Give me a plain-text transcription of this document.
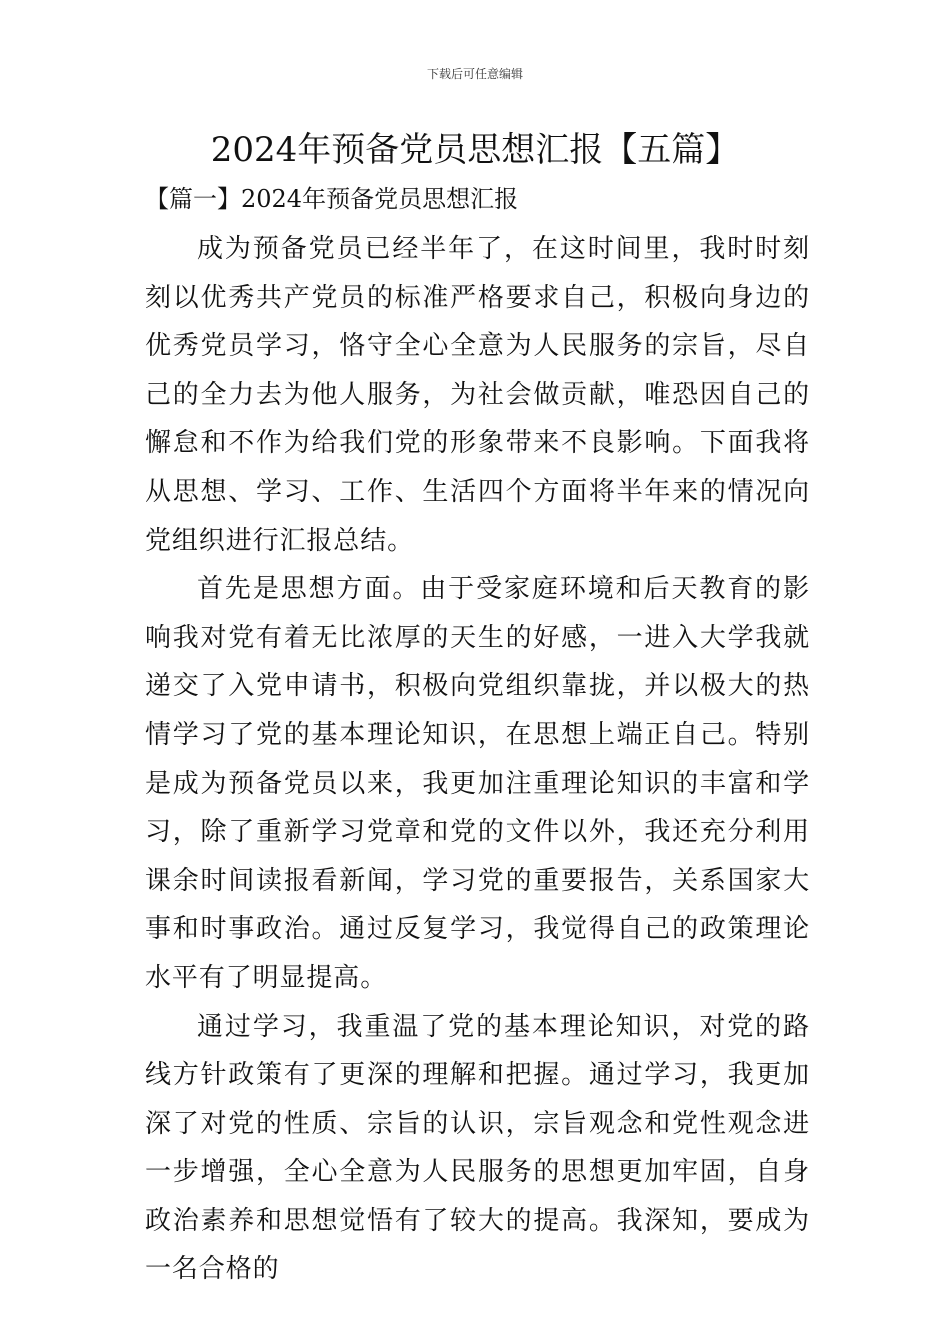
下载后可任意编辑
2024年预备党员思想汇报【五篇】
【篇一】2024年预备党员思想汇报

成为预备党员已经半年了，在这时间里，我时时刻刻以优秀共产党员的标准严格要求自己，积极向身边的优秀党员学习，恪守全心全意为人民服务的宗旨，尽自己的全力去为他人服务，为社会做贡献，唯恐因自己的懈怠和不作为给我们党的形象带来不良影响。下面我将从思想、学习、工作、生活四个方面将半年来的情况向党组织进行汇报总结。

首先是思想方面。由于受家庭环境和后天教育的影响我对党有着无比浓厚的天生的好感，一进入大学我就递交了入党申请书，积极向党组织靠拢，并以极大的热情学习了党的基本理论知识，在思想上端正自己。特别是成为预备党员以来，我更加注重理论知识的丰富和学习，除了重新学习党章和党的文件以外，我还充分利用课余时间读报看新闻，学习党的重要报告，关系国家大事和时事政治。通过反复学习，我觉得自己的政策理论水平有了明显提高。

通过学习，我重温了党的基本理论知识，对党的路线方针政策有了更深的理解和把握。通过学习，我更加深了对党的性质、宗旨的认识，宗旨观念和党性观念进一步增强，全心全意为人民服务的思想更加牢固，自身政治素养和思想觉悟有了较大的提高。我深知，要成为一名合格的
